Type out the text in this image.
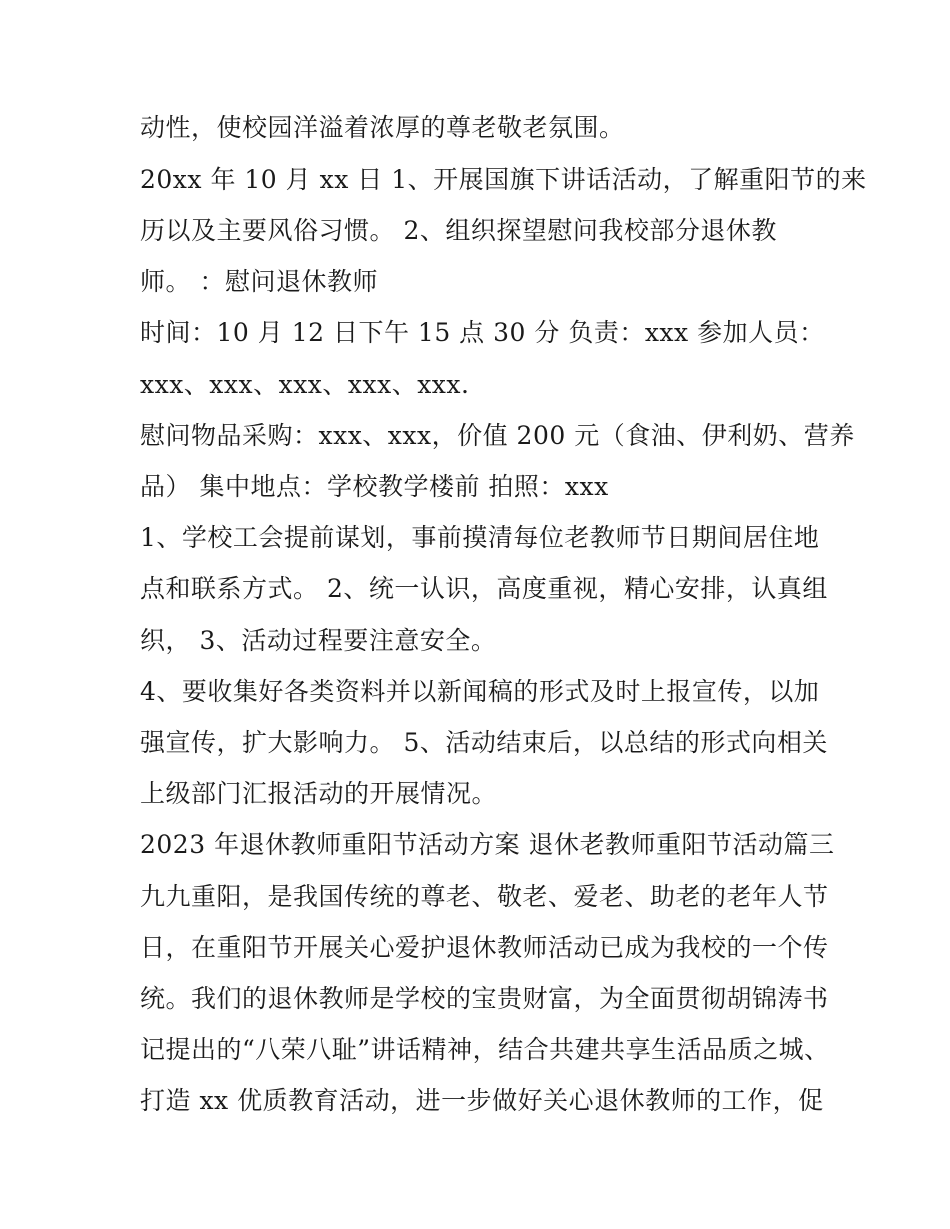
动性，使校园洋溢着浓厚的尊老敬老氛围。

20xx 年 10 月 xx 日 1、开展国旗下讲话活动，了解重阳节的来

历以及主要风俗习惯。 2、组织探望慰问我校部分退休教

师。 ：慰问退休教师

时间：10 月 12 日下午 15 点 30 分 负责：xxx 参加人员：

xxx、xxx、xxx、xxx、xxx.

慰问物品采购：xxx、xxx，价值 200 元（食油、伊利奶、营养

品） 集中地点：学校教学楼前 拍照：xxx

1、学校工会提前谋划，事前摸清每位老教师节日期间居住地

点和联系方式。 2、统一认识，高度重视，精心安排，认真组

织， 3、活动过程要注意安全。

4、要收集好各类资料并以新闻稿的形式及时上报宣传，以加

强宣传，扩大影响力。 5、活动结束后，以总结的形式向相关

上级部门汇报活动的开展情况。

2023 年退休教师重阳节活动方案 退休老教师重阳节活动篇三

九九重阳，是我国传统的尊老、敬老、爱老、助老的老年人节

日，在重阳节开展关心爱护退休教师活动已成为我校的一个传

统。我们的退休教师是学校的宝贵财富，为全面贯彻胡锦涛书

记提出的“八荣八耻”讲话精神，结合共建共享生活品质之城、

打造 xx 优质教育活动，进一步做好关心退休教师的工作，促
